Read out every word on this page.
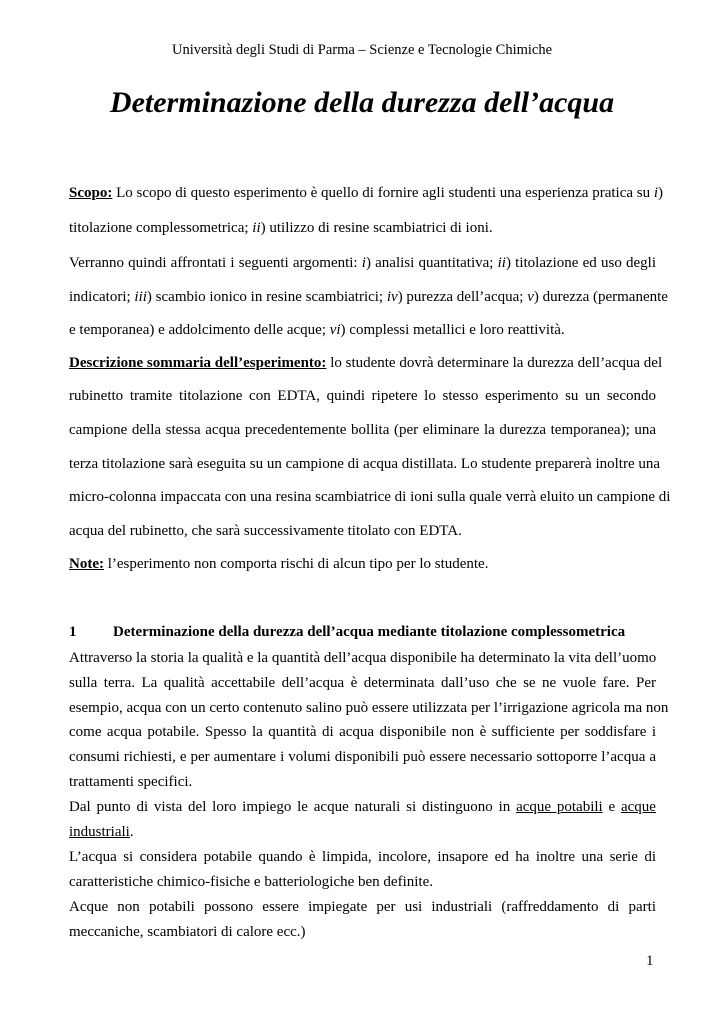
Università degli Studi di Parma – Scienze e Tecnologie Chimiche
Determinazione della durezza dell’acqua
Scopo: Lo scopo di questo esperimento è quello di fornire agli studenti una esperienza pratica su i)
titolazione complessometrica; ii) utilizzo di resine scambiatrici di ioni.
Verranno quindi affrontati i seguenti argomenti: i) analisi quantitativa; ii) titolazione ed uso degli
indicatori; iii) scambio ionico in resine scambiatrici; iv) purezza dell’acqua; v) durezza (permanente
e temporanea) e addolcimento delle acque; vi) complessi metallici e loro reattività.
Descrizione sommaria dell’esperimento: lo studente dovrà determinare la durezza dell’acqua del
rubinetto tramite titolazione con EDTA, quindi ripetere lo stesso esperimento su un secondo
campione della stessa acqua precedentemente bollita (per eliminare la durezza temporanea); una
terza titolazione sarà eseguita su un campione di acqua distillata. Lo studente preparerà inoltre una
micro-colonna impaccata con una resina scambiatrice di ioni sulla quale verrà eluito un campione di
acqua del rubinetto, che sarà successivamente titolato con EDTA.
Note: l’esperimento non comporta rischi di alcun tipo per lo studente.
1 Determinazione della durezza dell’acqua mediante titolazione complessometrica
Attraverso la storia la qualità e la quantità dell’acqua disponibile ha determinato la vita dell’uomo
sulla terra. La qualità accettabile dell’acqua è determinata dall’uso che se ne vuole fare. Per
esempio, acqua con un certo contenuto salino può essere utilizzata per l’irrigazione agricola ma non
come acqua potabile. Spesso la quantità di acqua disponibile non è sufficiente per soddisfare i
consumi richiesti, e per aumentare i volumi disponibili può essere necessario sottoporre l’acqua a
trattamenti specifici.
Dal punto di vista del loro impiego le acque naturali si distinguono in acque potabili e acque
industriali.
L’acqua si considera potabile quando è limpida, incolore, insapore ed ha inoltre una serie di
caratteristiche chimico-fisiche e batteriologiche ben definite.
Acque non potabili possono essere impiegate per usi industriali (raffreddamento di parti
meccaniche, scambiatori di calore ecc.)
1
